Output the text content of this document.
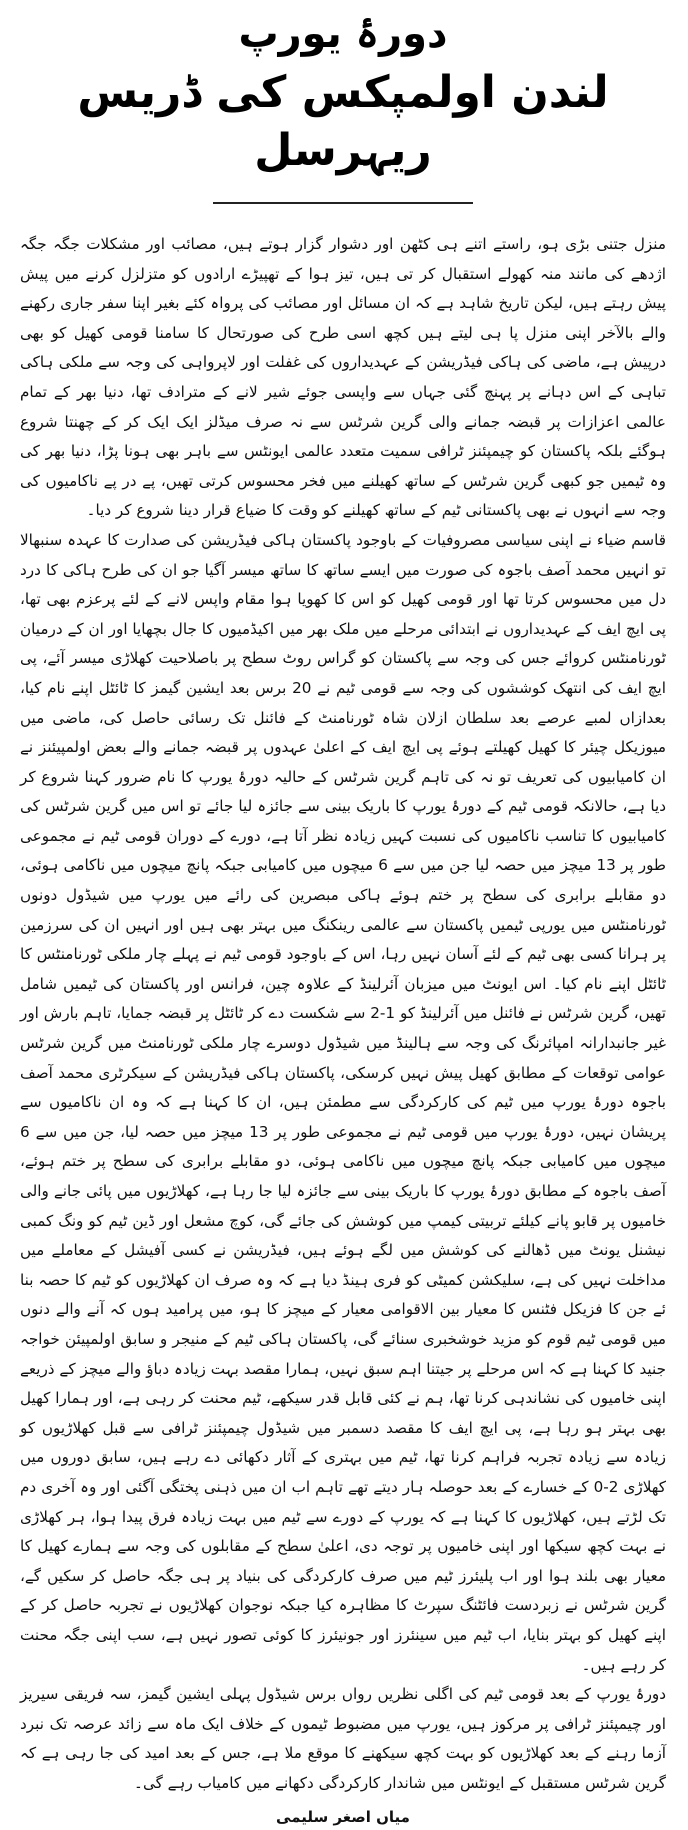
دورۂ یورپ
لندن اولمپکس کی ڈریس ریہرسل

منزل جتنی بڑی ہو، راستے اتنے ہی کٹھن اور دشوار گزار ہوتے ہیں، مصائب اور مشکلات جگہ جگہ اژدھے کی مانند منہ کھولے استقبال کر تی ہیں، تیز ہوا کے تھپیڑے ارادوں کو متزلزل کرنے میں پیش پیش رہتے ہیں، لیکن تاریخ شاہد ہے کہ ان مسائل اور مصائب کی پرواہ کئے بغیر اپنا سفر جاری رکھنے والے بالآخر اپنی منزل پا ہی لیتے ہیں کچھ اسی طرح کی صورتحال کا سامنا قومی کھیل کو بھی درپیش ہے، ماضی کی ہاکی فیڈریشن کے عہدیداروں کی غفلت اور لاپرواہی کی وجہ سے ملکی ہاکی تباہی کے اس دہانے پر پہنچ گئی جہاں سے واپسی جوئے شیر لانے کے مترادف تھا، دنیا بھر کے تمام عالمی اعزازات پر قبضہ جمانے والی گرین شرٹس سے نہ صرف میڈلز ایک ایک کر کے چھنتا شروع ہوگئے بلکہ پاکستان کو چیمپئنز ٹرافی سمیت متعدد عالمی ایونٹس سے باہر بھی ہونا پڑا، دنیا بھر کی وہ ٹیمیں جو کبھی گرین شرٹس کے ساتھ کھیلنے میں فخر محسوس کرتی تھیں، پے در پے ناکامیوں کی وجہ سے انہوں نے بھی پاکستانی ٹیم کے ساتھ کھیلنے کو وقت کا ضیاع قرار دینا شروع کر دیا۔

قاسم ضیاء نے اپنی سیاسی مصروفیات کے باوجود پاکستان ہاکی فیڈریشن کی صدارت کا عہدہ سنبھالا تو انہیں محمد آصف باجوہ کی صورت میں ایسے ساتھ کا ساتھ میسر آگیا جو ان کی طرح ہاکی کا درد دل میں محسوس کرتا تھا اور قومی کھیل کو اس کا کھویا ہوا مقام واپس لانے کے لئے پرعزم بھی تھا، پی ایچ ایف کے عہدیداروں نے ابتدائی مرحلے میں ملک بھر میں اکیڈمیوں کا جال بچھایا اور ان کے درمیان ٹورنامنٹس کروائے جس کی وجہ سے پاکستان کو گراس روٹ سطح پر باصلاحیت کھلاڑی میسر آئے، پی ایچ ایف کی انتھک کوششوں کی وجہ سے قومی ٹیم نے 20 برس بعد ایشین گیمز کا ٹائٹل اپنے نام کیا، بعدازاں لمبے عرصے بعد سلطان ازلان شاہ ٹورنامنٹ کے فائنل تک رسائی حاصل کی، ماضی میں میوزیکل چیئر کا کھیل کھیلتے ہوئے پی ایچ ایف کے اعلیٰ عہدوں پر قبضہ جمانے والے بعض اولمپیئنز نے ان کامیابیوں کی تعریف تو نہ کی تاہم گرین شرٹس کے حالیہ دورۂ یورپ کا نام ضرور کہنا شروع کر دیا ہے، حالانکہ قومی ٹیم کے دورۂ یورپ کا باریک بینی سے جائزہ لیا جائے تو اس میں گرین شرٹس کی کامیابیوں کا تناسب ناکامیوں کی نسبت کہیں زیادہ نظر آتا ہے، دورے کے دوران قومی ٹیم نے مجموعی طور پر 13 میچز میں حصہ لیا جن میں سے 6 میچوں میں کامیابی جبکہ پانچ میچوں میں ناکامی ہوئی، دو مقابلے برابری کی سطح پر ختم ہوئے ہاکی مبصرین کی رائے میں یورپ میں شیڈول دونوں ٹورنامنٹس میں یورپی ٹیمیں پاکستان سے عالمی رینکنگ میں بہتر بھی ہیں اور انہیں ان کی سرزمین پر ہرانا کسی بھی ٹیم کے لئے آسان نہیں رہا، اس کے باوجود قومی ٹیم نے پہلے چار ملکی ٹورنامنٹس کا ٹائٹل اپنے نام کیا۔ اس ایونٹ میں میزبان آئرلینڈ کے علاوہ چین، فرانس اور پاکستان کی ٹیمیں شامل تھیں، گرین شرٹس نے فائنل میں آئرلینڈ کو 1-2 سے شکست دے کر ٹائٹل پر قبضہ جمایا، تاہم بارش اور غیر جانبدارانہ امپائرنگ کی وجہ سے ہالینڈ میں شیڈول دوسرے چار ملکی ٹورنامنٹ میں گرین شرٹس عوامی توقعات کے مطابق کھیل پیش نہیں کرسکی، پاکستان ہاکی فیڈریشن کے سیکرٹری محمد آصف باجوہ دورۂ یورپ میں ٹیم کی کارکردگی سے مطمئن ہیں، ان کا کہنا ہے کہ وہ ان ناکامیوں سے پریشان نہیں، دورۂ یورپ میں قومی ٹیم نے مجموعی طور پر 13 میچز میں حصہ لیا، جن میں سے 6 میچوں میں کامیابی جبکہ پانچ میچوں میں ناکامی ہوئی، دو مقابلے برابری کی سطح پر ختم ہوئے، آصف باجوہ کے مطابق دورۂ یورپ کا باریک بینی سے جائزہ لیا جا رہا ہے، کھلاڑیوں میں پائی جانے والی خامیوں پر قابو پانے کیلئے تربیتی کیمپ میں کوشش کی جائے گی، کوچ مشعل اور ڈین ٹیم کو ونگ کمبی نیشنل یونٹ میں ڈھالنے کی کوشش میں لگے ہوئے ہیں، فیڈریشن نے کسی آفیشل کے معاملے میں مداخلت نہیں کی ہے، سلیکشن کمیٹی کو فری ہینڈ دیا ہے کہ وہ صرف ان کھلاڑیوں کو ٹیم کا حصہ بنا ئے جن کا فزیکل فٹنس کا معیار بین الاقوامی معیار کے میچز کا ہو، میں پرامید ہوں کہ آنے والے دنوں میں قومی ٹیم قوم کو مزید خوشخبری سنائے گی، پاکستان ہاکی ٹیم کے منیجر و سابق اولمپیئن خواجہ جنید کا کہنا ہے کہ اس مرحلے پر جیتنا اہم سبق نہیں، ہمارا مقصد بہت زیادہ دباؤ والے میچز کے ذریعے اپنی خامیوں کی نشاندہی کرنا تھا، ہم نے کئی قابل قدر سیکھے، ٹیم محنت کر رہی ہے، اور ہمارا کھیل بھی بہتر ہو رہا ہے، پی ایچ ایف کا مقصد دسمبر میں شیڈول چیمپئنز ٹرافی سے قبل کھلاڑیوں کو زیادہ سے زیادہ تجربہ فراہم کرنا تھا، ٹیم میں بہتری کے آثار دکھائی دے رہے ہیں، سابق دوروں میں کھلاڑی 2-0 کے خسارے کے بعد حوصلہ ہار دیتے تھے تاہم اب ان میں ذہنی پختگی آگئی اور وہ آخری دم تک لڑتے ہیں، کھلاڑیوں کا کہنا ہے کہ یورپ کے دورے سے ٹیم میں بہت زیادہ فرق پیدا ہوا، ہر کھلاڑی نے بہت کچھ سیکھا اور اپنی خامیوں پر توجہ دی، اعلیٰ سطح کے مقابلوں کی وجہ سے ہمارے کھیل کا معیار بھی بلند ہوا اور اب پلیئرز ٹیم میں صرف کارکردگی کی بنیاد پر ہی جگہ حاصل کر سکیں گے، گرین شرٹس نے زبردست فائٹنگ سپرٹ کا مظاہرہ کیا جبکہ نوجوان کھلاڑیوں نے تجربہ حاصل کر کے اپنے کھیل کو بہتر بنایا، اب ٹیم میں سینئرز اور جونیئرز کا کوئی تصور نہیں ہے، سب اپنی جگہ محنت کر رہے ہیں۔

دورۂ یورپ کے بعد قومی ٹیم کی اگلی نظریں رواں برس شیڈول پہلی ایشین گیمز، سہ فریقی سیریز اور چیمپئنز ٹرافی پر مرکوز ہیں، یورپ میں مضبوط ٹیموں کے خلاف ایک ماہ سے زائد عرصہ تک نبرد آزما رہنے کے بعد کھلاڑیوں کو بہت کچھ سیکھنے کا موقع ملا ہے، جس کے بعد امید کی جا رہی ہے کہ گرین شرٹس مستقبل کے ایونٹس میں شاندار کارکردگی دکھانے میں کامیاب رہے گی۔

میاں اصغر سلیمی
